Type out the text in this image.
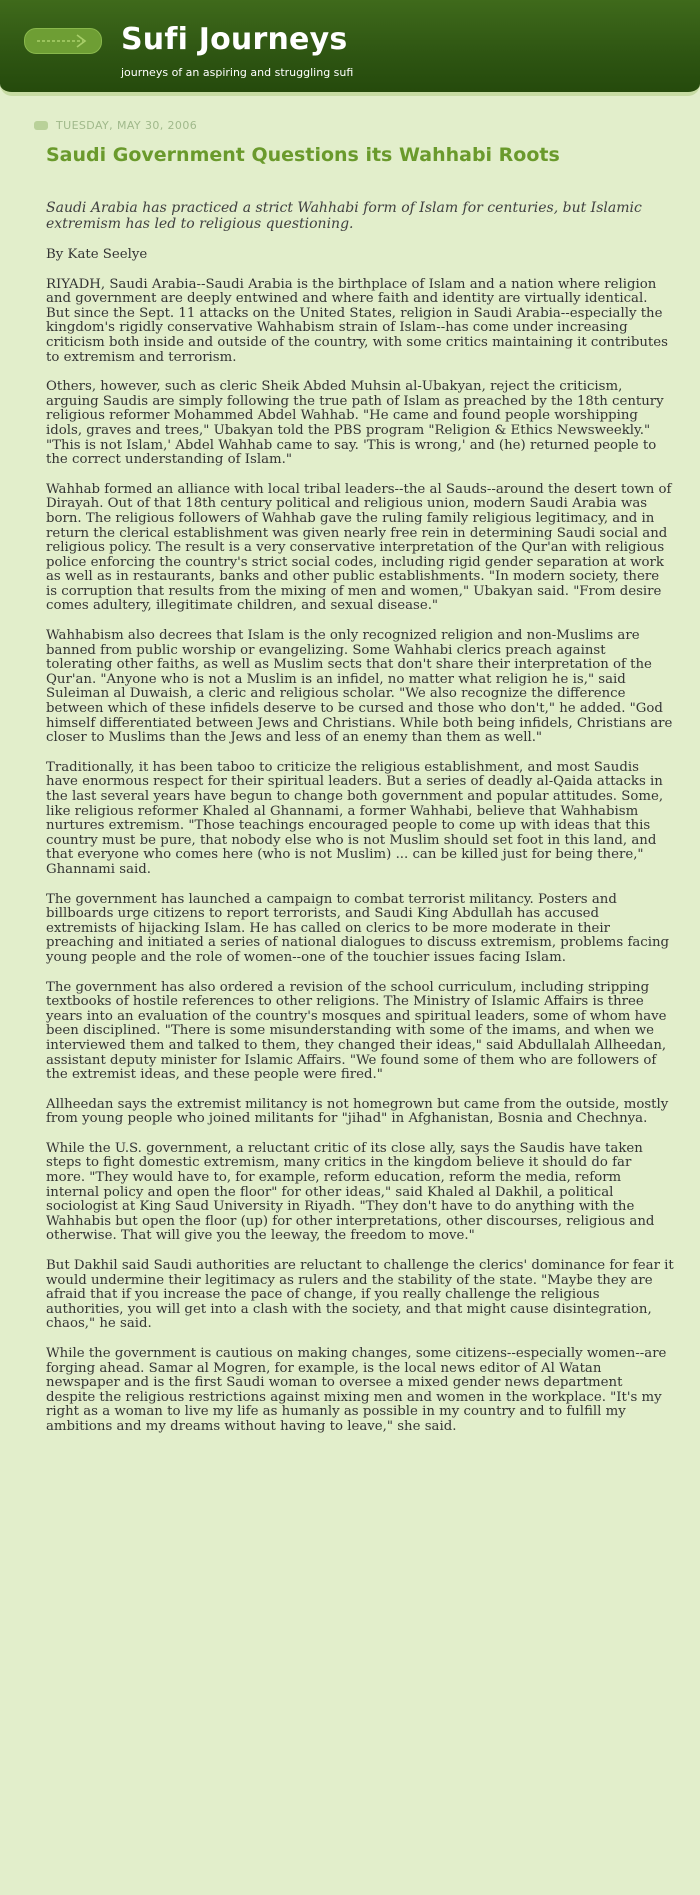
Sufi Journeys
journeys of an aspiring and struggling sufi
TUESDAY, MAY 30, 2006
Saudi Government Questions its Wahhabi Roots

Saudi Arabia has practiced a strict Wahhabi form of Islam for centuries, but Islamic extremism has led to religious questioning.

By Kate Seelye

RIYADH, Saudi Arabia--Saudi Arabia is the birthplace of Islam and a nation where religion and government are deeply entwined and where faith and identity are virtually identical. But since the Sept. 11 attacks on the United States, religion in Saudi Arabia--especially the kingdom's rigidly conservative Wahhabism strain of Islam--has come under increasing criticism both inside and outside of the country, with some critics maintaining it contributes to extremism and terrorism.

Others, however, such as cleric Sheik Abded Muhsin al-Ubakyan, reject the criticism, arguing Saudis are simply following the true path of Islam as preached by the 18th century religious reformer Mohammed Abdel Wahhab. "He came and found people worshipping idols, graves and trees," Ubakyan told the PBS program "Religion & Ethics Newsweekly." "This is not Islam,' Abdel Wahhab came to say. 'This is wrong,' and (he) returned people to the correct understanding of Islam."

Wahhab formed an alliance with local tribal leaders--the al Sauds--around the desert town of Dirayah. Out of that 18th century political and religious union, modern Saudi Arabia was born. The religious followers of Wahhab gave the ruling family religious legitimacy, and in return the clerical establishment was given nearly free rein in determining Saudi social and religious policy. The result is a very conservative interpretation of the Qur'an with religious police enforcing the country's strict social codes, including rigid gender separation at work as well as in restaurants, banks and other public establishments. "In modern society, there is corruption that results from the mixing of men and women," Ubakyan said. "From desire comes adultery, illegitimate children, and sexual disease."

Wahhabism also decrees that Islam is the only recognized religion and non-Muslims are banned from public worship or evangelizing. Some Wahhabi clerics preach against tolerating other faiths, as well as Muslim sects that don't share their interpretation of the Qur'an. "Anyone who is not a Muslim is an infidel, no matter what religion he is," said Suleiman al Duwaish, a cleric and religious scholar. "We also recognize the difference between which of these infidels deserve to be cursed and those who don't," he added. "God himself differentiated between Jews and Christians. While both being infidels, Christians are closer to Muslims than the Jews and less of an enemy than them as well."

Traditionally, it has been taboo to criticize the religious establishment, and most Saudis have enormous respect for their spiritual leaders. But a series of deadly al-Qaida attacks in the last several years have begun to change both government and popular attitudes. Some, like religious reformer Khaled al Ghannami, a former Wahhabi, believe that Wahhabism nurtures extremism. "Those teachings encouraged people to come up with ideas that this country must be pure, that nobody else who is not Muslim should set foot in this land, and that everyone who comes here (who is not Muslim) ... can be killed just for being there," Ghannami said.

The government has launched a campaign to combat terrorist militancy. Posters and billboards urge citizens to report terrorists, and Saudi King Abdullah has accused extremists of hijacking Islam. He has called on clerics to be more moderate in their preaching and initiated a series of national dialogues to discuss extremism, problems facing young people and the role of women--one of the touchier issues facing Islam.

The government has also ordered a revision of the school curriculum, including stripping textbooks of hostile references to other religions. The Ministry of Islamic Affairs is three years into an evaluation of the country's mosques and spiritual leaders, some of whom have been disciplined. "There is some misunderstanding with some of the imams, and when we interviewed them and talked to them, they changed their ideas," said Abdullalah Allheedan, assistant deputy minister for Islamic Affairs. "We found some of them who are followers of the extremist ideas, and these people were fired."

Allheedan says the extremist militancy is not homegrown but came from the outside, mostly from young people who joined militants for "jihad" in Afghanistan, Bosnia and Chechnya.

While the U.S. government, a reluctant critic of its close ally, says the Saudis have taken steps to fight domestic extremism, many critics in the kingdom believe it should do far more. "They would have to, for example, reform education, reform the media, reform internal policy and open the floor" for other ideas," said Khaled al Dakhil, a political sociologist at King Saud University in Riyadh. "They don't have to do anything with the Wahhabis but open the floor (up) for other interpretations, other discourses, religious and otherwise. That will give you the leeway, the freedom to move."

But Dakhil said Saudi authorities are reluctant to challenge the clerics' dominance for fear it would undermine their legitimacy as rulers and the stability of the state. "Maybe they are afraid that if you increase the pace of change, if you really challenge the religious authorities, you will get into a clash with the society, and that might cause disintegration, chaos," he said.

While the government is cautious on making changes, some citizens--especially women--are forging ahead. Samar al Mogren, for example, is the local news editor of Al Watan newspaper and is the first Saudi woman to oversee a mixed gender news department despite the religious restrictions against mixing men and women in the workplace. "It's my right as a woman to live my life as humanly as possible in my country and to fulfill my ambitions and my dreams without having to leave," she said.
